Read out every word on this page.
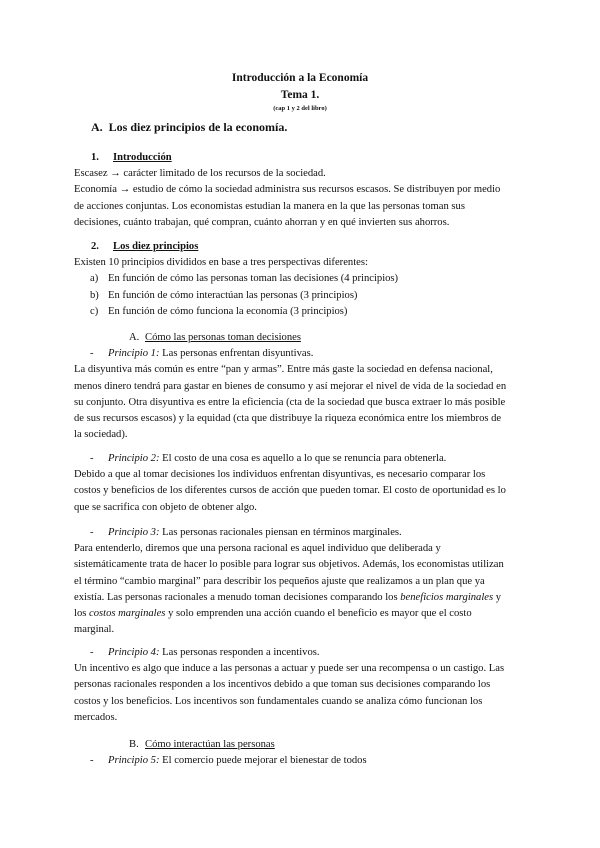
Introducción a la Economía
Tema 1.
(cap 1 y 2 del libro)
A. Los diez principios de la economía.
1. Introducción
Escasez → carácter limitado de los recursos de la sociedad.
Economía → estudio de cómo la sociedad administra sus recursos escasos. Se distribuyen por medio
de acciones conjuntas. Los economistas estudian la manera en la que las personas toman sus
decisiones, cuánto trabajan, qué compran, cuánto ahorran y en qué invierten sus ahorros.
2. Los diez principios
Existen 10 principios divididos en base a tres perspectivas diferentes:
a) En función de cómo las personas toman las decisiones (4 principios)
b) En función de cómo interactúan las personas (3 principios)
c) En función de cómo funciona la economía (3 principios)
A. Cómo las personas toman decisiones
- Principio 1: Las personas enfrentan disyuntivas.
La disyuntiva más común es entre “pan y armas”. Entre más gaste la sociedad en defensa nacional,
menos dinero tendrá para gastar en bienes de consumo y así mejorar el nivel de vida de la sociedad en
su conjunto. Otra disyuntiva es entre la eficiencia (cta de la sociedad que busca extraer lo más posible
de sus recursos escasos) y la equidad (cta que distribuye la riqueza económica entre los miembros de
la sociedad).
- Principio 2: El costo de una cosa es aquello a lo que se renuncia para obtenerla.
Debido a que al tomar decisiones los individuos enfrentan disyuntivas, es necesario comparar los
costos y beneficios de los diferentes cursos de acción que pueden tomar. El costo de oportunidad es lo
que se sacrifica con objeto de obtener algo.
- Principio 3: Las personas racionales piensan en términos marginales.
Para entenderlo, diremos que una persona racional es aquel individuo que deliberada y
sistemáticamente trata de hacer lo posible para lograr sus objetivos. Además, los economistas utilizan
el término “cambio marginal” para describir los pequeños ajuste que realizamos a un plan que ya
existía. Las personas racionales a menudo toman decisiones comparando los beneficios marginales y
los costos marginales y solo emprenden una acción cuando el beneficio es mayor que el costo
marginal.
- Principio 4: Las personas responden a incentivos.
Un incentivo es algo que induce a las personas a actuar y puede ser una recompensa o un castigo. Las
personas racionales responden a los incentivos debido a que toman sus decisiones comparando los
costos y los beneficios. Los incentivos son fundamentales cuando se analiza cómo funcionan los
mercados.
B. Cómo interactúan las personas
- Principio 5: El comercio puede mejorar el bienestar de todos
